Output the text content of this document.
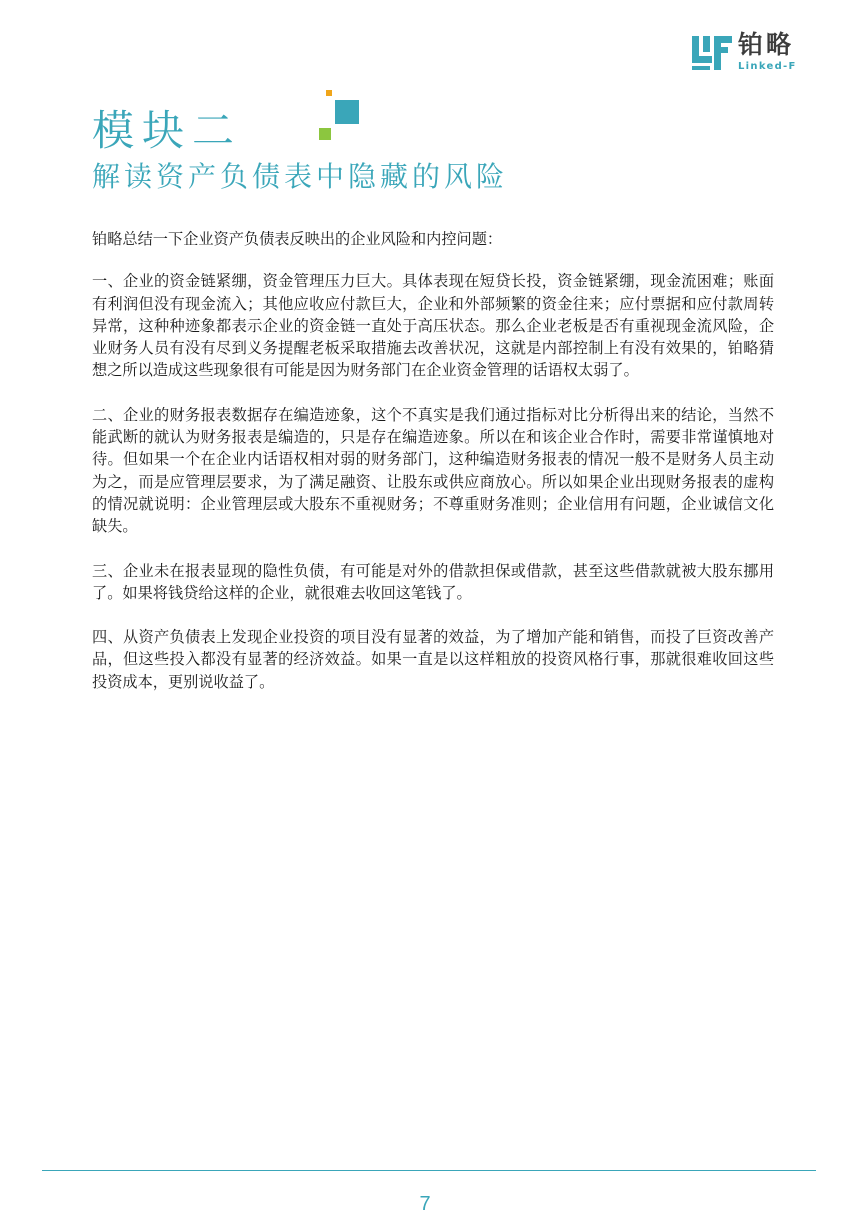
铂略
Linked-F
模块二
解读资产负债表中隐藏的风险

铂略总结一下企业资产负债表反映出的企业风险和内控问题：

一、企业的资金链紧绷，资金管理压力巨大。具体表现在短贷长投，资金链紧绷，现金流困难；账面有利润但没有现金流入；其他应收应付款巨大，企业和外部频繁的资金往来；应付票据和应付款周转异常，这种种迹象都表示企业的资金链一直处于高压状态。那么企业老板是否有重视现金流风险，企业财务人员有没有尽到义务提醒老板采取措施去改善状况，这就是内部控制上有没有效果的，铂略猜想之所以造成这些现象很有可能是因为财务部门在企业资金管理的话语权太弱了。

二、企业的财务报表数据存在编造迹象，这个不真实是我们通过指标对比分析得出来的结论，当然不能武断的就认为财务报表是编造的，只是存在编造迹象。所以在和该企业合作时，需要非常谨慎地对待。但如果一个在企业内话语权相对弱的财务部门，这种编造财务报表的情况一般不是财务人员主动为之，而是应管理层要求，为了满足融资、让股东或供应商放心。所以如果企业出现财务报表的虚构的情况就说明：企业管理层或大股东不重视财务；不尊重财务准则；企业信用有问题，企业诚信文化缺失。

三、企业未在报表显现的隐性负债，有可能是对外的借款担保或借款，甚至这些借款就被大股东挪用了。如果将钱贷给这样的企业，就很难去收回这笔钱了。

四、从资产负债表上发现企业投资的项目没有显著的效益，为了增加产能和销售，而投了巨资改善产品，但这些投入都没有显著的经济效益。如果一直是以这样粗放的投资风格行事，那就很难收回这些投资成本，更别说收益了。

7
